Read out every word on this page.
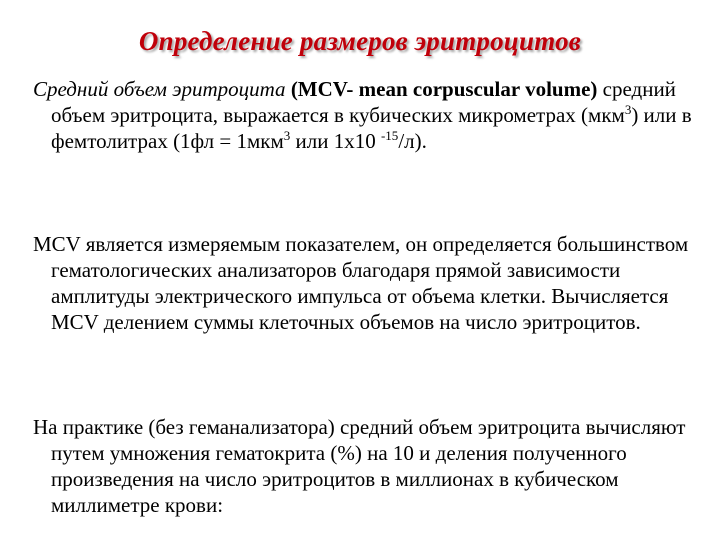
Определение размеров эритроцитов
Средний объем эритроцита (MCV- mean corpuscular volume) средний объем эритроцита, выражается в кубических микрометрах (мкм$^3$) или в фемтолитрах (1фл = 1мкм$^3$ или 1x10 $^{-15}$/л).
MCV является измеряемым показателем, он определяется большинством гематологических анализаторов благодаря прямой зависимости амплитуды электрического импульса от объема клетки. Вычисляется MCV делением суммы клеточных объемов на число эритроцитов.
На практике (без геманализатора) средний объем эритроцита вычисляют путем умножения гематокрита (%) на 10 и деления полученного произведения на число эритроцитов в миллионах в кубическом миллиметре крови:
